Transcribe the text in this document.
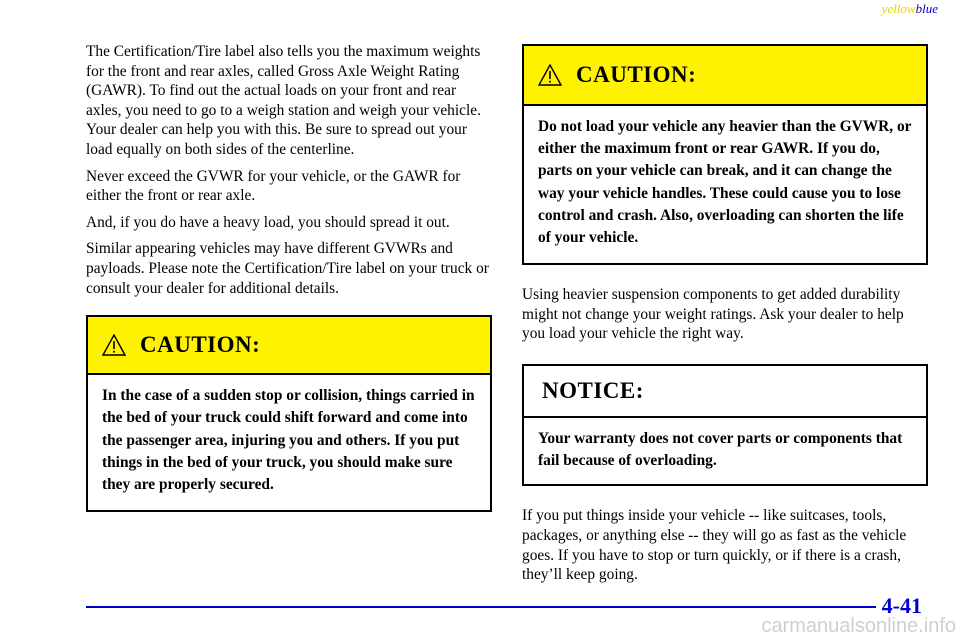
yellowblue

The Certification/Tire label also tells you the maximum weights for the front and rear axles, called Gross Axle Weight Rating (GAWR). To find out the actual loads on your front and rear axles, you need to go to a weigh station and weigh your vehicle. Your dealer can help you with this. Be sure to spread out your load equally on both sides of the centerline.

Never exceed the GVWR for your vehicle, or the GAWR for either the front or rear axle.

And, if you do have a heavy load, you should spread it out.

Similar appearing vehicles may have different GVWRs and payloads. Please note the Certification/Tire label on your truck or consult your dealer for additional details.

CAUTION:
In the case of a sudden stop or collision, things carried in the bed of your truck could shift forward and come into the passenger area, injuring you and others. If you put things in the bed of your truck, you should make sure they are properly secured.
CAUTION:
Do not load your vehicle any heavier than the GVWR, or either the maximum front or rear GAWR. If you do, parts on your vehicle can break, and it can change the way your vehicle handles. These could cause you to lose control and crash. Also, overloading can shorten the life of your vehicle.

Using heavier suspension components to get added durability might not change your weight ratings. Ask your dealer to help you load your vehicle the right way.

NOTICE:
Your warranty does not cover parts or components that fail because of overloading.

If you put things inside your vehicle -- like suitcases, tools, packages, or anything else -- they will go as fast as the vehicle goes. If you have to stop or turn quickly, or if there is a crash, they’ll keep going.

4-41
carmanualsonline.info
